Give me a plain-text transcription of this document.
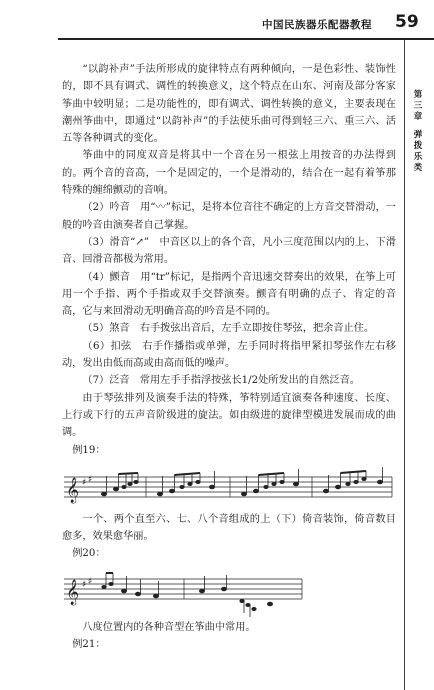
中国民族器乐配器教程 59
第
三
章
弹
拨
乐
类

“以韵补声”手法所形成的旋律特点有两种倾向，一是色彩性、装饰性的，即不具有调式、调性的转换意义，这个特点在山东、河南及部分客家筝曲中较明显；二是功能性的，即有调式、调性转换的意义，主要表现在潮州筝曲中，即通过“以韵补声”的手法使乐曲可得到轻三六、重三六、活五等各种调式的变化。

筝曲中的同度双音是将其中一个音在另一根弦上用按音的办法得到的。两个音的音高，一个是固定的，一个是滑动的，结合在一起有着筝那特殊的缠绵颤动的音响。

（2）吟音　用“〰”标记，是将本位音往不确定的上方音交替滑动，一般的吟音由演奏者自己掌握。

（3）滑音“↗”　中音区以上的各个音，凡小三度范围以内的上、下滑音、回滑音都极为常用。

（4）颤音　用“tr”标记，是指两个音迅速交替奏出的效果，在筝上可用一个手指、两个手指或双手交替演奏。颤音有明确的点子、肯定的音高，它与来回滑动无明确音高的吟音是不同的。

（5）煞音　右手拨弦出音后，左手立即按住琴弦，把余音止住。

（6）扣弦　右手作播指或单弹，左手同时将指甲紧扣琴弦作左右移动，发出由低而高或由高而低的噪声。

（7）泛音　常用左手手指浮按弦长1/2处所发出的自然泛音。

由于琴弦排列及演奏手法的特殊，筝特别适宜演奏各种速度、长度、上行或下行的五声音阶级进的旋法。如由级进的旋律型模进发展而成的曲调。

例19：

𝄞 ♯ ♯

一个、两个直至六、七、八个音组成的上（下）倚音装饰，倚音数目愈多，效果愈华丽。

例20：

𝄞 ♯ ♯

八度位置内的各种音型在筝曲中常用。

例21：
